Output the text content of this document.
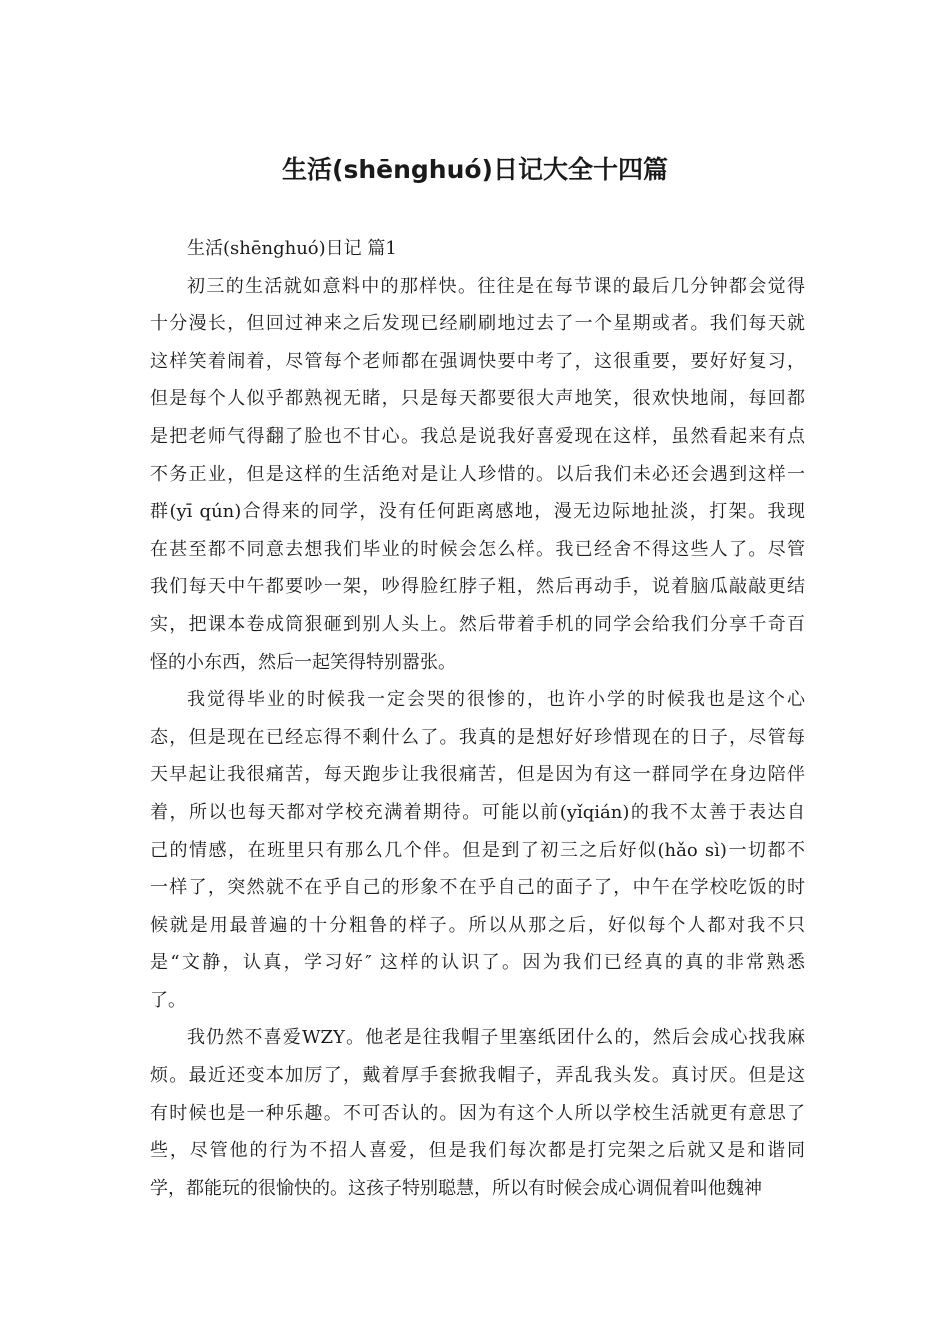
生活(shēnghuó)日记大全十四篇
生活(shēnghuó)日记 篇1
初三的生活就如意料中的那样快。往往是在每节课的最后几分钟都会觉得
十分漫长，但回过神来之后发现已经刷刷地过去了一个星期或者。我们每天就
这样笑着闹着，尽管每个老师都在强调快要中考了，这很重要，要好好复习，
但是每个人似乎都熟视无睹，只是每天都要很大声地笑，很欢快地闹，每回都
是把老师气得翻了脸也不甘心。我总是说我好喜爱现在这样，虽然看起来有点
不务正业，但是这样的生活绝对是让人珍惜的。以后我们未必还会遇到这样一
群(yī qún)合得来的同学，没有任何距离感地，漫无边际地扯淡，打架。我现
在甚至都不同意去想我们毕业的时候会怎么样。我已经舍不得这些人了。尽管
我们每天中午都要吵一架，吵得脸红脖子粗，然后再动手，说着脑瓜敲敲更结
实，把课本卷成筒狠砸到别人头上。然后带着手机的同学会给我们分享千奇百
怪的小东西，然后一起笑得特别嚣张。
我觉得毕业的时候我一定会哭的很惨的，也许小学的时候我也是这个心
态，但是现在已经忘得不剩什么了。我真的是想好好珍惜现在的日子，尽管每
天早起让我很痛苦，每天跑步让我很痛苦，但是因为有这一群同学在身边陪伴
着，所以也每天都对学校充满着期待。可能以前(yǐqián)的我不太善于表达自
己的情感，在班里只有那么几个伴。但是到了初三之后好似(hǎo sì)一切都不
一样了，突然就不在乎自己的形象不在乎自己的面子了，中午在学校吃饭的时
候就是用最普遍的十分粗鲁的样子。所以从那之后，好似每个人都对我不只
是“文静，认真，学习好″ 这样的认识了。因为我们已经真的真的非常熟悉
了。
我仍然不喜爱WZY。他老是往我帽子里塞纸团什么的，然后会成心找我麻
烦。最近还变本加厉了，戴着厚手套掀我帽子，弄乱我头发。真讨厌。但是这
有时候也是一种乐趣。不可否认的。因为有这个人所以学校生活就更有意思了
些，尽管他的行为不招人喜爱，但是我们每次都是打完架之后就又是和谐同
学，都能玩的很愉快的。这孩子特别聪慧，所以有时候会成心调侃着叫他魏神
